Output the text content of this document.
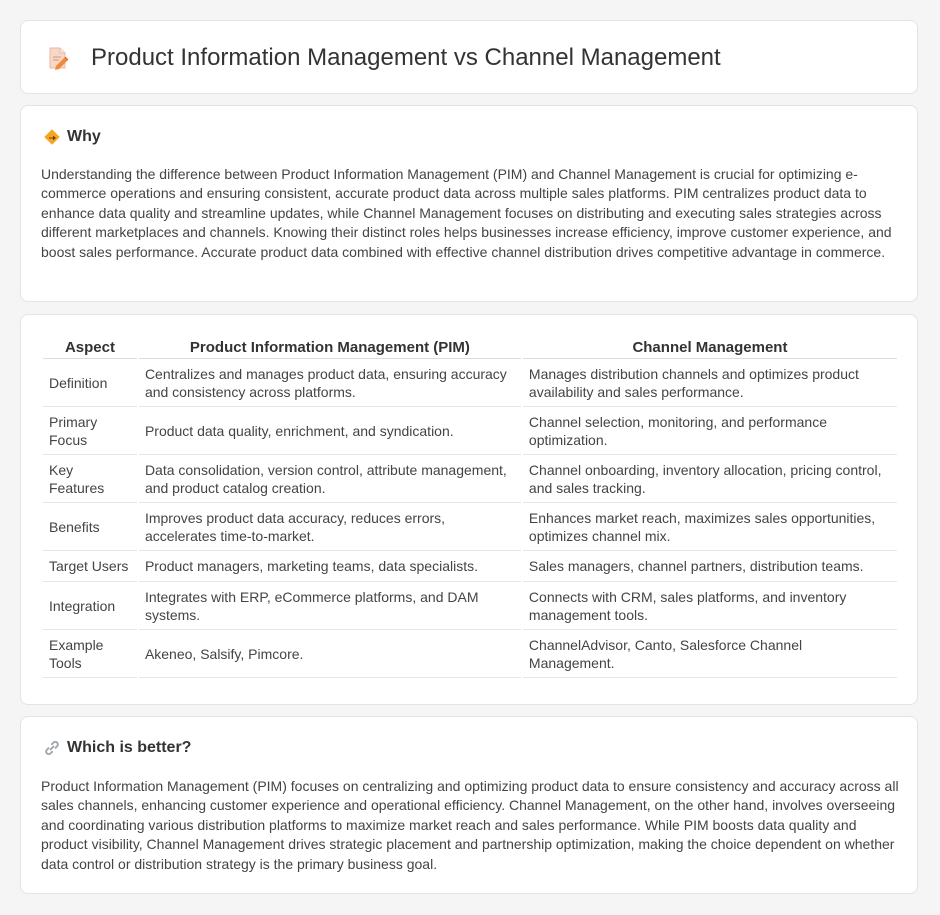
Product Information Management vs Channel Management
Why

Understanding the difference between Product Information Management (PIM) and Channel Management is crucial for optimizing e-commerce operations and ensuring consistent, accurate product data across multiple sales platforms. PIM centralizes product data to enhance data quality and streamline updates, while Channel Management focuses on distributing and executing sales strategies across different marketplaces and channels. Knowing their distinct roles helps businesses increase efficiency, improve customer experience, and boost sales performance. Accurate product data combined with effective channel distribution drives competitive advantage in commerce.

Aspect	Product Information Management (PIM)	Channel Management
Definition	Centralizes and manages product data, ensuring accuracy and consistency across platforms.	Manages distribution channels and optimizes product availability and sales performance.
Primary Focus	Product data quality, enrichment, and syndication.	Channel selection, monitoring, and performance optimization.
Key Features	Data consolidation, version control, attribute management, and product catalog creation.	Channel onboarding, inventory allocation, pricing control, and sales tracking.
Benefits	Improves product data accuracy, reduces errors, accelerates time-to-market.	Enhances market reach, maximizes sales opportunities, optimizes channel mix.
Target Users	Product managers, marketing teams, data specialists.	Sales managers, channel partners, distribution teams.
Integration	Integrates with ERP, eCommerce platforms, and DAM systems.	Connects with CRM, sales platforms, and inventory management tools.
Example Tools	Akeneo, Salsify, Pimcore.	ChannelAdvisor, Canto, Salesforce Channel Management.
Which is better?

Product Information Management (PIM) focuses on centralizing and optimizing product data to ensure consistency and accuracy across all sales channels, enhancing customer experience and operational efficiency. Channel Management, on the other hand, involves overseeing and coordinating various distribution platforms to maximize market reach and sales performance. While PIM boosts data quality and product visibility, Channel Management drives strategic placement and partnership optimization, making the choice dependent on whether data control or distribution strategy is the primary business goal.
